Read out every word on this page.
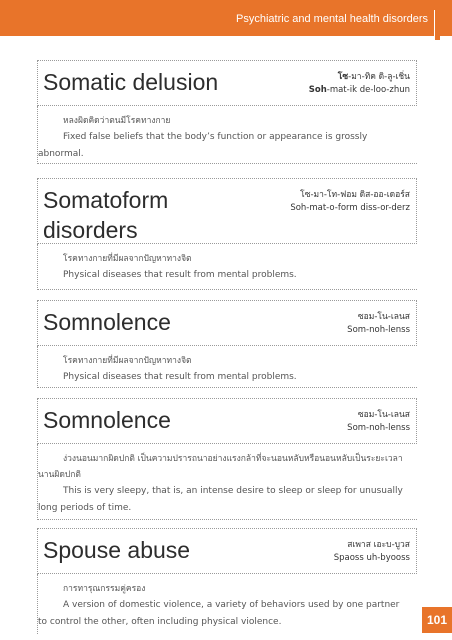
Psychiatric and mental health disorders
Somatic delusion	โซ-มา-ทิค ดิ-ลู-เชิ่น
Soh-mat-ik de-loo-zhun
หลงผิดคิดว่าตนมีโรคทางกาย
Fixed false beliefs that the body’s function or appearance is grossly abnormal.
Somatoform disorders
โซ-มา-โท-ฟอม ดิส-ออ-เดอร์ส
Soh-mat-o-form diss-or-derz
โรคทางกายที่มีผลจากปัญหาทางจิต
Physical diseases that result from mental problems.
Somnolence	ซอม-โน-เลนส
Som-noh-lenss
โรคทางกายที่มีผลจากปัญหาทางจิต
Physical diseases that result from mental problems.
Somnolence	ซอม-โน-เลนส
Som-noh-lenss
ง่วงนอนมากผิดปกติ เป็นความปรารถนาอย่างแรงกล้าที่จะนอนหลับหรือนอนหลับเป็นระยะเวลานานผิดปกติ
This is very sleepy, that is, an intense desire to sleep or sleep for unusually long periods of time.
Spouse abuse	สเพาส เอะบ-บูวส
Spaoss uh-byooss
การทารุณกรรมคู่ครอง
A version of domestic violence, a variety of behaviors used by one partner to control the other, often including physical violence.	101
